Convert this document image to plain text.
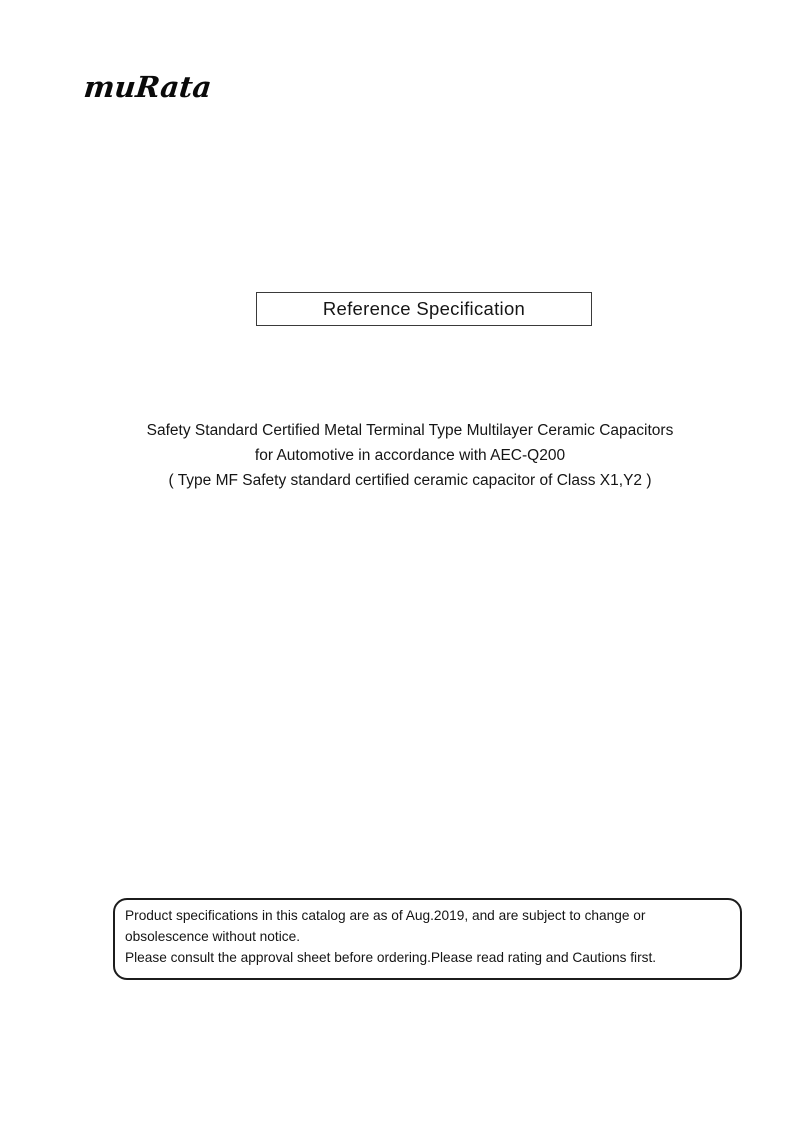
muRata
Reference Specification
Safety Standard Certified Metal Terminal Type Multilayer Ceramic Capacitors
for Automotive in accordance with AEC-Q200
( Type MF Safety standard certified ceramic capacitor of Class X1,Y2 )
Product specifications in this catalog are as of Aug.2019, and are subject to change or
obsolescence without notice.
Please consult the approval sheet before ordering.Please read rating and Cautions first.
